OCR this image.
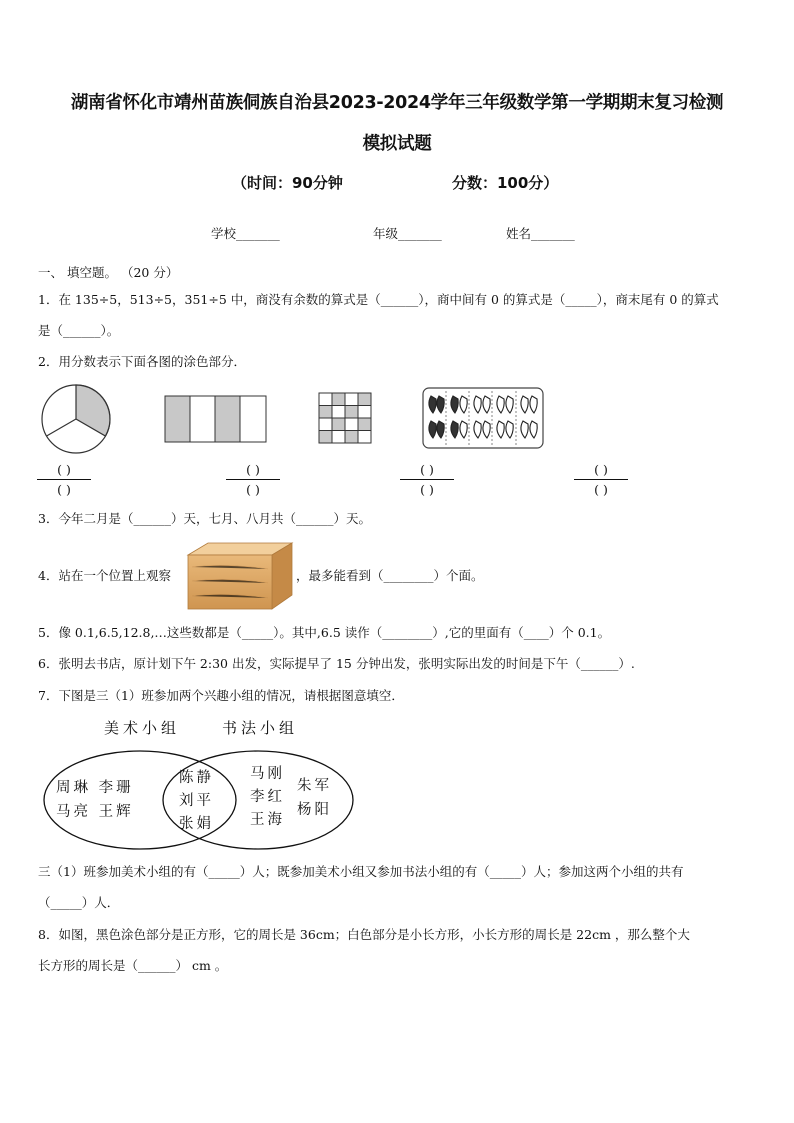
湖南省怀化市靖州苗族侗族自治县2023-2024学年三年级数学第一学期期末复习检测
模拟试题
（时间：90分钟	分数：100分）
学校_______	年级_______	姓名_______
一、 填空题。 （20 分）
1．在 135÷5，513÷5，351÷5 中，商没有余数的算式是（______），商中间有 0 的算式是（_____），商末尾有 0 的算式
是（______）。
2．用分数表示下面各图的涂色部分．
( )
( )
( )
( )
( )
( )
( )
( )
3．今年二月是（______）天，七月、八月共（______）天。
4．站在一个位置上观察	，最多能看到（________）个面。
5．像 0.1,6.5,12.8,…这些数都是（_____）。其中,6.5 读作（________）,它的里面有（____）个 0.1。
6．张明去书店，原计划下午 2:30 出发，实际提早了 15 分钟出发，张明实际出发的时间是下午（______）.
7．下图是三（1）班参加两个兴趣小组的情况，请根据图意填空．
美术小组	书法小组
周琳 李珊
马亮 王辉
陈静
刘平
张娟
马刚
李红
王海
朱军
杨阳
三（1）班参加美术小组的有（_____）人；既参加美术小组又参加书法小组的有（_____）人；参加这两个小组的共有
（_____）人．
8．如图，黑色涂色部分是正方形，它的周长是 36cm；白色部分是小长方形，小长方形的周长是 22cm ，那么整个大
长方形的周长是（______） cm 。
